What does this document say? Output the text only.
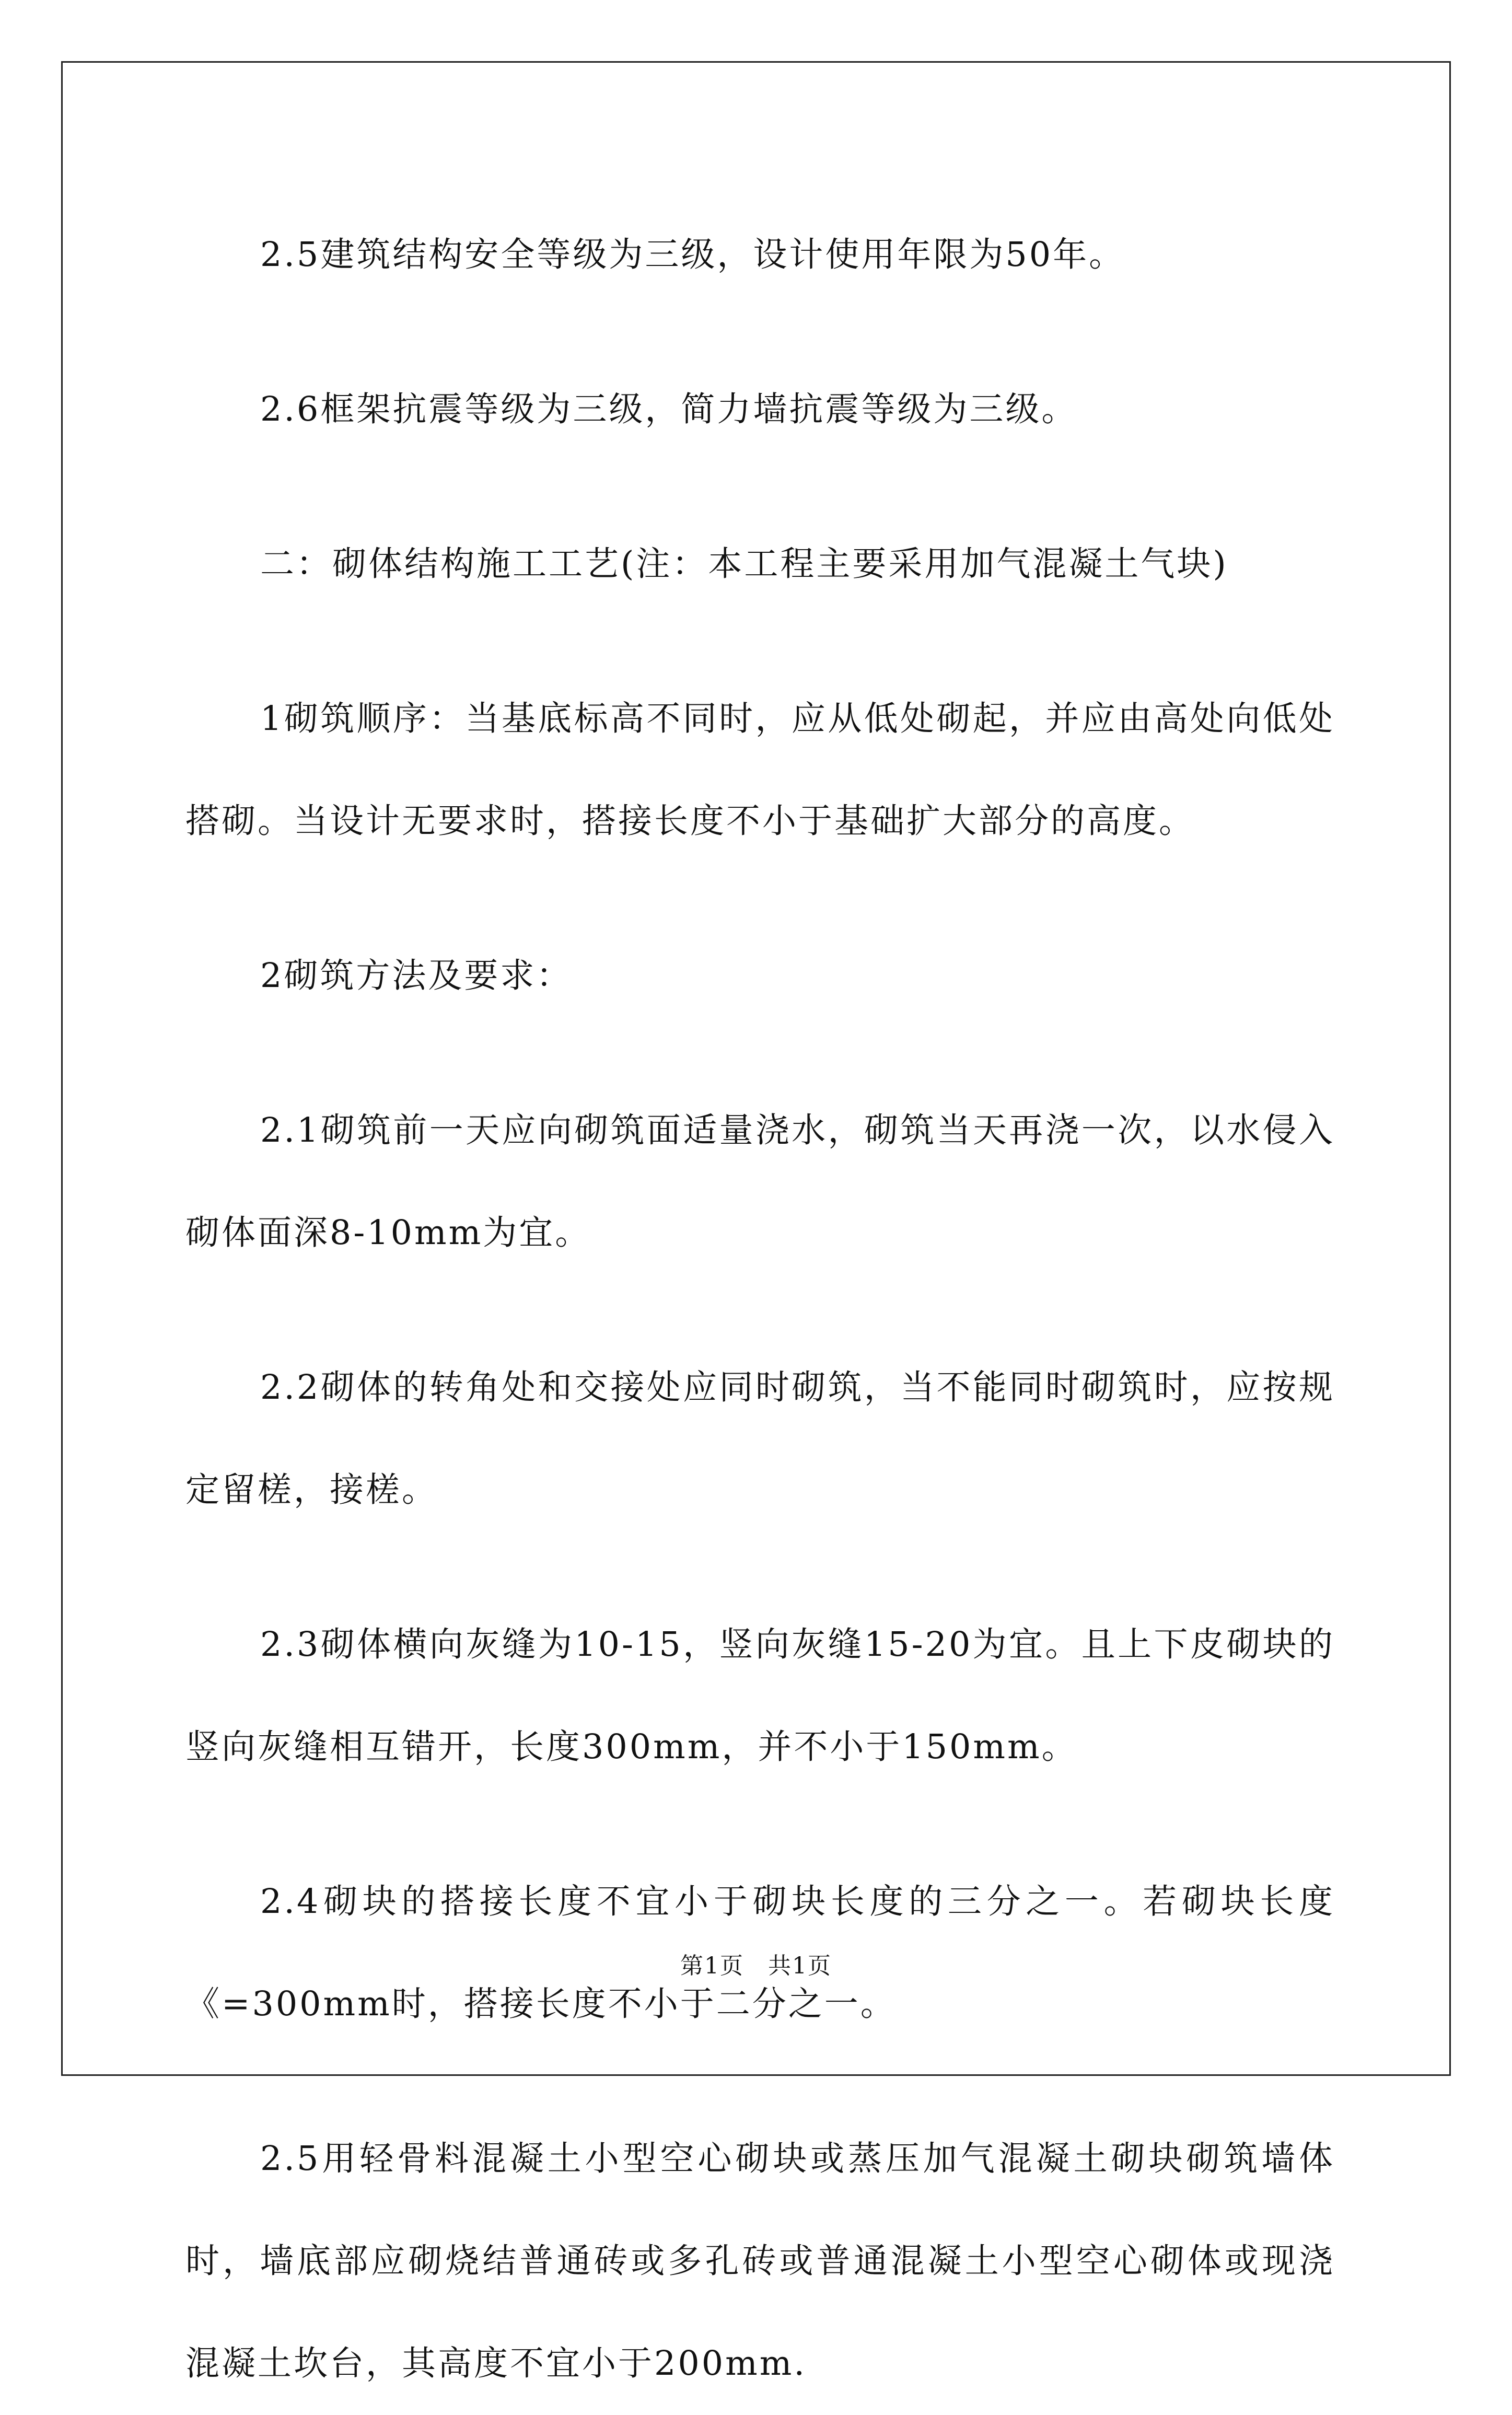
2.5建筑结构安全等级为三级，设计使用年限为50年。

2.6框架抗震等级为三级，简力墙抗震等级为三级。

二：砌体结构施工工艺(注：本工程主要采用加气混凝土气块)

1砌筑顺序：当基底标高不同时，应从低处砌起，并应由高处向低处搭砌。当设计无要求时，搭接长度不小于基础扩大部分的高度。

2砌筑方法及要求：

2.1砌筑前一天应向砌筑面适量浇水，砌筑当天再浇一次，以水侵入砌体面深8-10mm为宜。

2.2砌体的转角处和交接处应同时砌筑，当不能同时砌筑时，应按规定留槎，接槎。

2.3砌体横向灰缝为10-15，竖向灰缝15-20为宜。且上下皮砌块的竖向灰缝相互错开，长度300mm，并不小于150mm。

2.4砌块的搭接长度不宜小于砌块长度的三分之一。若砌块长度《=300mm时，搭接长度不小于二分之一。

2.5用轻骨料混凝土小型空心砌块或蒸压加气混凝土砌块砌筑墙体时，墙底部应砌烧结普通砖或多孔砖或普通混凝土小型空心砌体或现浇混凝土坎台，其高度不宜小于200mm.

第1页　共1页
